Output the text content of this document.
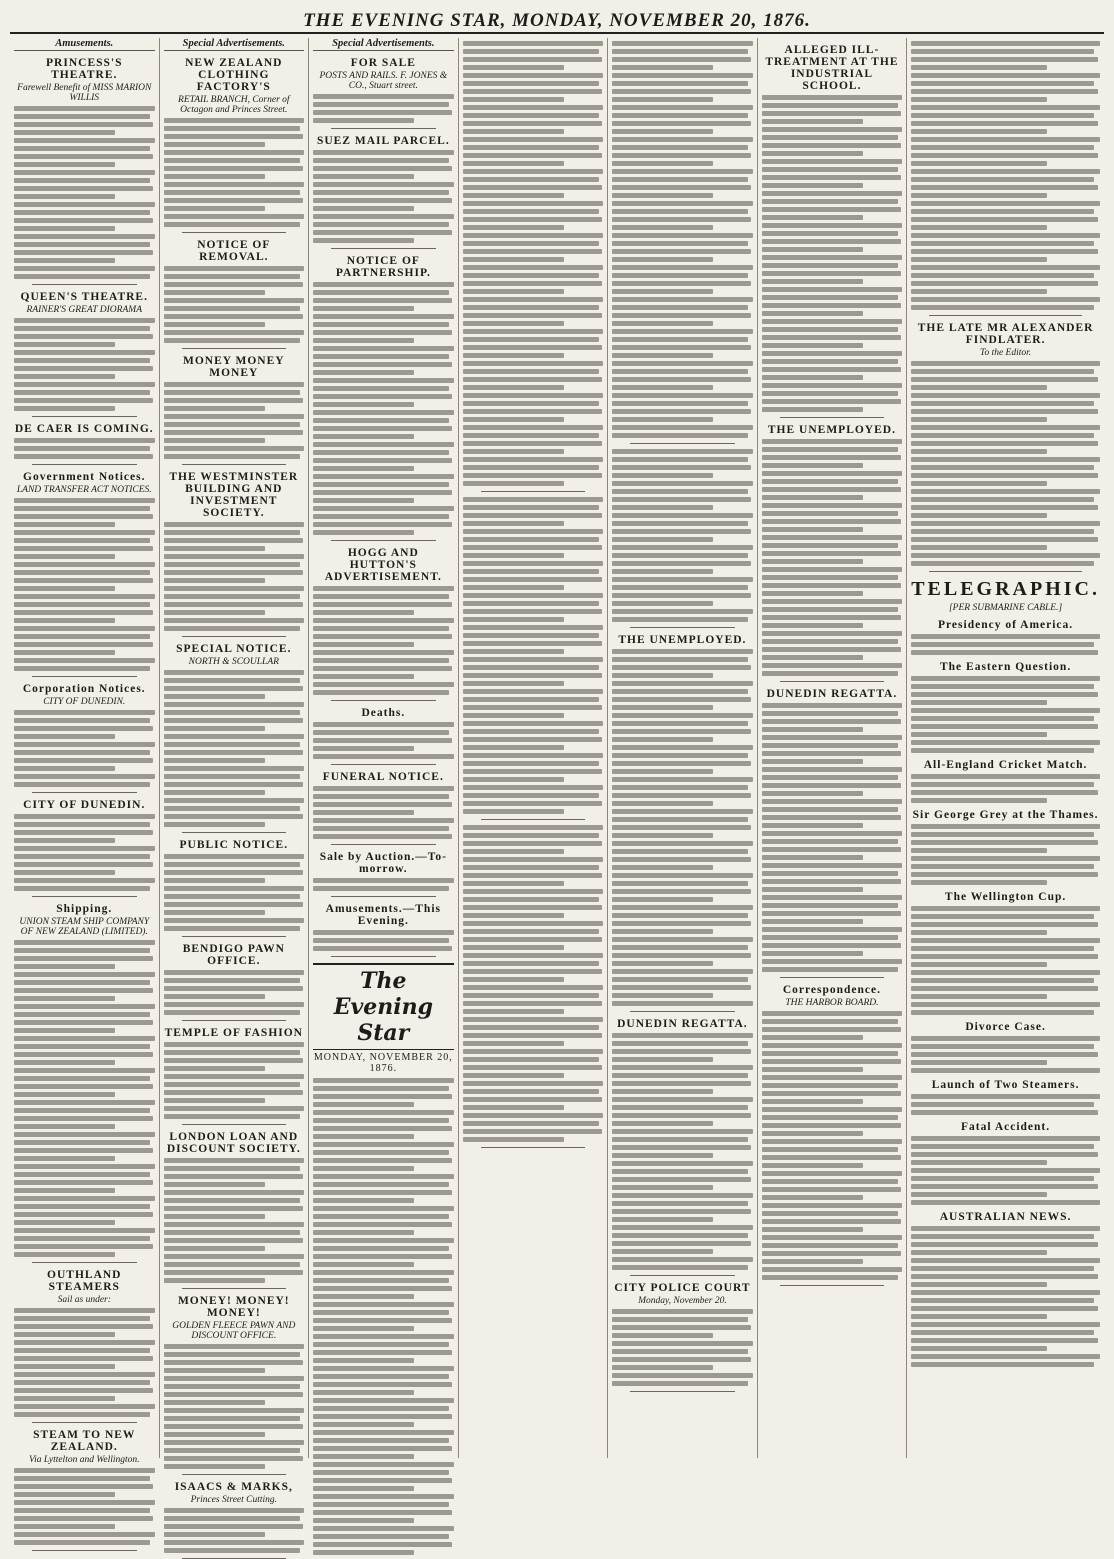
THE EVENING STAR, MONDAY, NOVEMBER 20, 1876.
Amusements.
PRINCESS'S THEATRE.
Farewell Benefit of MISS MARION WILLIS
QUEEN'S THEATRE.
RAINER'S GREAT DIORAMA
DE CAER IS COMING.
Government Notices.
LAND TRANSFER ACT NOTICES.
Corporation Notices.
CITY OF DUNEDIN.
CITY OF DUNEDIN.
Shipping.
UNION STEAM SHIP COMPANY OF NEW ZEALAND (LIMITED).
OUTHLAND STEAMERS
Sail as under:
STEAM TO NEW ZEALAND.
Via Lyttelton and Wellington.
Special Advertisements.
NEW ZEALAND CLOTHING FACTORY'S
RETAIL BRANCH, Corner of Octagon and Princes Street.
NOTICE OF REMOVAL.
MONEY MONEY MONEY
THE WESTMINSTER BUILDING AND INVESTMENT SOCIETY.
SPECIAL NOTICE.
NORTH & SCOULLAR
PUBLIC NOTICE.
BENDIGO PAWN OFFICE.
TEMPLE OF FASHION
LONDON LOAN AND DISCOUNT SOCIETY.
MONEY! MONEY! MONEY!
GOLDEN FLEECE PAWN AND DISCOUNT OFFICE.
ISAACS & MARKS,
Princes Street Cutting.
Special Advertisements.
FOR SALE
POSTS AND RAILS. F. JONES & CO., Stuart street.
SUEZ MAIL PARCEL.
NOTICE OF PARTNERSHIP.
HOGG AND HUTTON'S ADVERTISEMENT.
Deaths.
FUNERAL NOTICE.
Sale by Auction.—To-morrow.
Amusements.—This Evening.
The Evening Star
MONDAY, NOVEMBER 20, 1876.
THE UNEMPLOYED.
DUNEDIN REGATTA.
CITY POLICE COURT
Monday, November 20.
ALLEGED ILL-TREATMENT AT THE INDUSTRIAL SCHOOL.
THE UNEMPLOYED.
DUNEDIN REGATTA.
Correspondence.
THE HARBOR BOARD.
THE LATE MR ALEXANDER FINDLATER.
To the Editor.
TELEGRAPHIC.
[PER SUBMARINE CABLE.]
Presidency of America.
The Eastern Question.
All-England Cricket Match.
Sir George Grey at the Thames.
The Wellington Cup.
Divorce Case.
Launch of Two Steamers.
Fatal Accident.
AUSTRALIAN NEWS.
